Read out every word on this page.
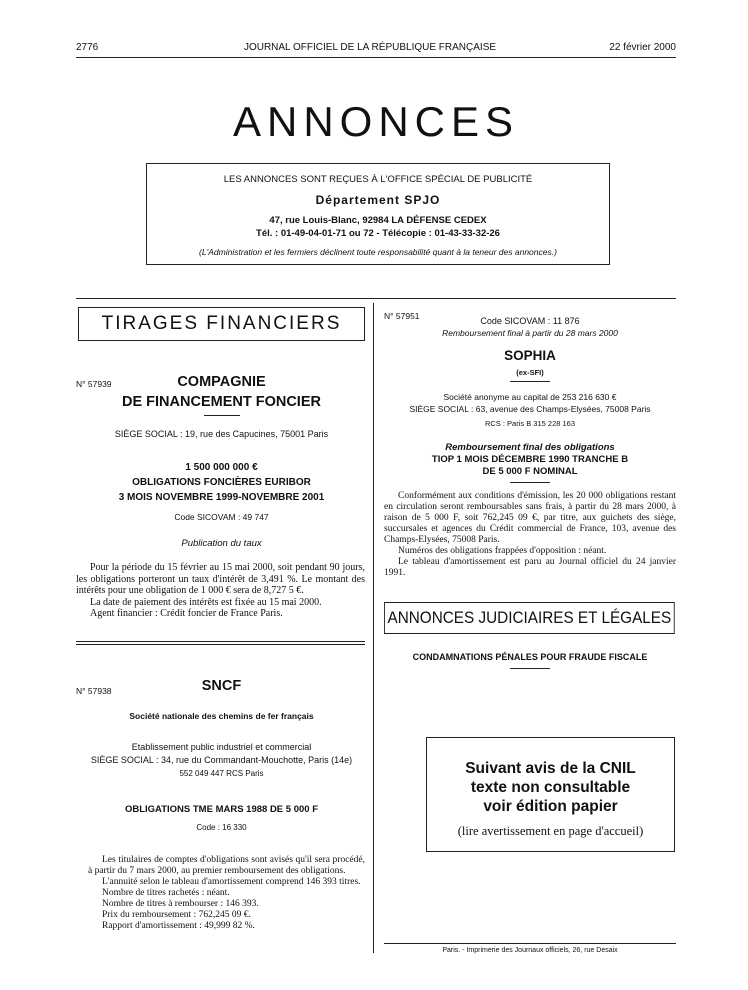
2776	JOURNAL OFFICIEL DE LA RÉPUBLIQUE FRANÇAISE	22 février 2000
ANNONCES
LES ANNONCES SONT REÇUES À L'OFFICE SPÉCIAL DE PUBLICITÉ
Département SPJO
47, rue Louis-Blanc, 92984 LA DÉFENSE CEDEX
Tél. : 01-49-04-01-71 ou 72 - Télécopie : 01-43-33-32-26
(L'Administration et les fermiers déclinent toute responsabilité quant à la teneur des annonces.)
TIRAGES FINANCIERS
N° 57939	COMPAGNIE
DE FINANCEMENT FONCIER
SIÈGE SOCIAL : 19, rue des Capucines, 75001 Paris
1 500 000 000 €
OBLIGATIONS FONCIÈRES EURIBOR
3 MOIS NOVEMBRE 1999-NOVEMBRE 2001
Code SICOVAM : 49 747
Publication du taux

Pour la période du 15 février au 15 mai 2000, soit pendant 90 jours, les obligations porteront un taux d'intérêt de 3,491 %. Le montant des intérêts pour une obligation de 1 000 € sera de 8,727 5 €.

La date de paiement des intérêts est fixée au 15 mai 2000.

Agent financier : Crédit foncier de France Paris.

N° 57938	SNCF
Société nationale des chemins de fer français
Etablissement public industriel et commercial
SIÈGE SOCIAL : 34, rue du Commandant-Mouchotte, Paris (14e)
552 049 447 RCS Paris
OBLIGATIONS TME MARS 1988 DE 5 000 F
Code : 16 330

Les titulaires de comptes d'obligations sont avisés qu'il sera procédé, à partir du 7 mars 2000, au premier remboursement des obligations.

L'annuité selon le tableau d'amortissement comprend 146 393 titres.

Nombre de titres rachetés : néant.

Nombre de titres à rembourser : 146 393.

Prix du remboursement : 762,245 09 €.

Rapport d'amortissement : 49,999 82 %.

N° 57951	Code SICOVAM : 11 876
Remboursement final à partir du 28 mars 2000
SOPHIA
(ex-SFI)
Société anonyme au capital de 253 216 630 €
SIÈGE SOCIAL : 63, avenue des Champs-Elysées, 75008 Paris
RCS : Paris B 315 228 163
Remboursement final des obligations
TIOP 1 MOIS DÉCEMBRE 1990 TRANCHE B
DE 5 000 F NOMINAL

Conformément aux conditions d'émission, les 20 000 obligations restant en circulation seront remboursables sans frais, à partir du 28 mars 2000, à raison de 5 000 F, soit 762,245 09 €, par titre, aux guichets des siège, succursales et agences du Crédit commercial de France, 103, avenue des Champs-Elysées, 75008 Paris.

Numéros des obligations frappées d'opposition : néant.

Le tableau d'amortissement est paru au Journal officiel du 24 janvier 1991.

ANNONCES JUDICIAIRES ET LÉGALES
CONDAMNATIONS PÉNALES POUR FRAUDE FISCALE
Suivant avis de la CNIL
texte non consultable
voir édition papier
(lire avertissement en page d'accueil)
Paris. - Imprimerie des Journaux officiels, 26, rue Desaix
